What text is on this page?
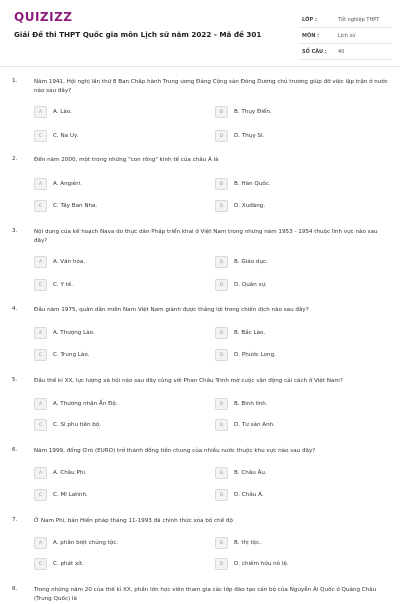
QUIZIZZ
Giải Đề thi THPT Quốc gia môn Lịch sử năm 2022 - Mã đề 301
LỚP :	Tốt nghiệp THPT
MÔN :	Lịch sử
SỐ CÂU :	40
1.	Năm 1941, Hội nghị lần thứ 8 Ban Chấp hành Trung ương Đảng Cộng sản Đông Dương chủ trương giúp đỡ việc lập trận ở nước nào sau đây?
A	A. Lào.	B	B. Thụy Điển.
C	C. Na Uy.	D	D. Thụy Sĩ.
2.	Đến năm 2000, một trong những "con rồng" kinh tế của châu Á là
A	A. Angiêri.	B	B. Hàn Quốc.
C	C. Tây Ban Nha.	D	D. Xuđăng.
3.	Nội dung của kế hoạch Nava do thực dân Pháp triển khai ở Việt Nam trong những năm 1953 - 1954 thuộc lĩnh vực nào sau đây?
A	A. Văn hóa.	B	B. Giáo dục.
C	C. Y tế.	D	D. Quân sự.
4.	Đầu năm 1975, quân dân miền Nam Việt Nam giành được thắng lợi trong chiến dịch nào sau đây?
A	A. Thượng Lào.	B	B. Bắc Lào.
C	C. Trung Lào.	D	D. Phước Long.
5.	Đầu thế kỉ XX, lực lượng xã hội nào sau đây cùng với Phan Châu Trinh mở cuộc vận động cải cách ở Việt Nam?
A	A. Thương nhân Ấn Độ.	B	B. Binh lính.
C	C. Sĩ phu tiến bộ.	D	D. Tư sản Anh.
6.	Năm 1999, đồng Ơrô (EURO) trở thành đồng tiền chung của nhiều nước thuộc khu vực nào sau đây?
A	A. Châu Phi.	B	B. Châu Âu.
C	C. Mĩ Latinh.	D	D. Châu Á.
7.	Ở Nam Phi, bản Hiến pháp tháng 11-1993 đã chính thức xóa bỏ chế độ
A	A. phân biệt chủng tộc.	B	B. thị tộc.
C	C. phát xít.	D	D. chiếm hữu nô lệ.
8.	Trong những năm 20 của thế kỉ XX, phần lớn học viên tham gia các lớp đào tạo cán bộ của Nguyễn Ái Quốc ở Quảng Châu (Trung Quốc) là
